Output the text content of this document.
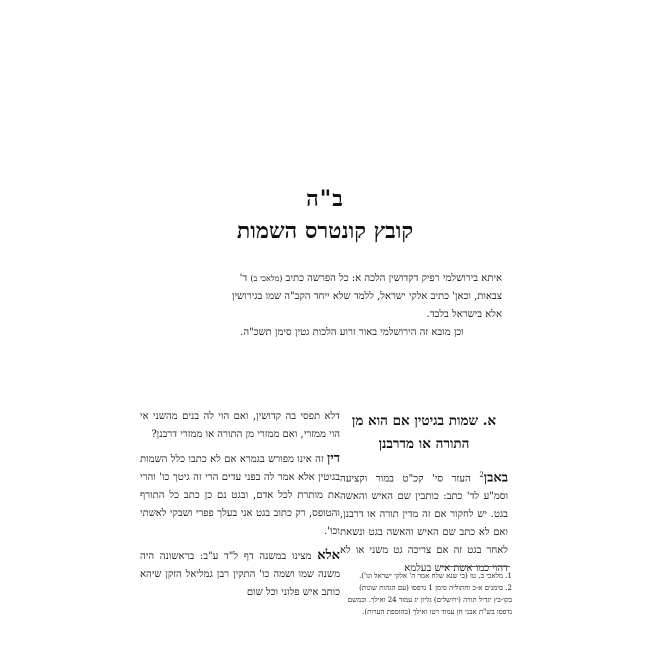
ב"ה
קובץ קונטרס השמות

איתא בירושלמי רפיק דקדושין הלכה א: כל הפרשה כתיב (מלאכי ב) ד'

צבאות, וכאן' כתיב אלקי ישראל, ללמד שלא ייחד הקב"ה שמו בגירושין

אלא בישראל בלבד.

וכן מובא זה הירושלמי באור זרוע הלכות גטין סימן תשכ"ה.

א. שמות בגיטין אם הוא מן
התורה או מדרבנן

באבן$^2$ העזר סי' קכ"ט במור וקציעה וסמ"ע לד' כתב: כותבין שם האיש והאשה בגט. יש לחקור אם זה מדין תורה או דרבנן, ואם לא כתב שם האיש והאשה בגט ונשאת לאחר בגט זה אם צריכה גט משני או לא דהוי כמו אשת איש בעלמא

דלא תפסי בה קדושין, ואם הוי לה בנים מהשני אי הוי ממזרי, ואם ממזרי מן התורה או ממזרי דרבנן?

דין זה אינו מפורש בגמרא אם לא כתבו כלל השמות בגיטין אלא אמר לה בפני עדים הרי זה גיטך כו' והרי את מותרת לכל אדם, ובגט נם כן כתב כל התורף והטופס, רק כתוב בגט אני בעלך פפרי ושבקי לאשתי וכו'.

אלא מצינו במשנה דף ל"ד ע"ב: בראשונה היה משנה שמו ושמה כו' התקין רבן גמליאל הזקן שיהא כותב איש פלוני וכל שום

1. מלאכי ב, טז (כי שנא שלח אמר ה' אלקי ישראל וגו').

2. סימנים א-כ וחתוליה סימן 1 נדפסו (עם הגהות שונות) בקו-בץ יגדיל תורה (ירושלים) גליון יג עמוד 24 ואילך. וכמשם נדפסו בש"ת אבני חן עמוד רטו ואילך (בהוספת הערות).
